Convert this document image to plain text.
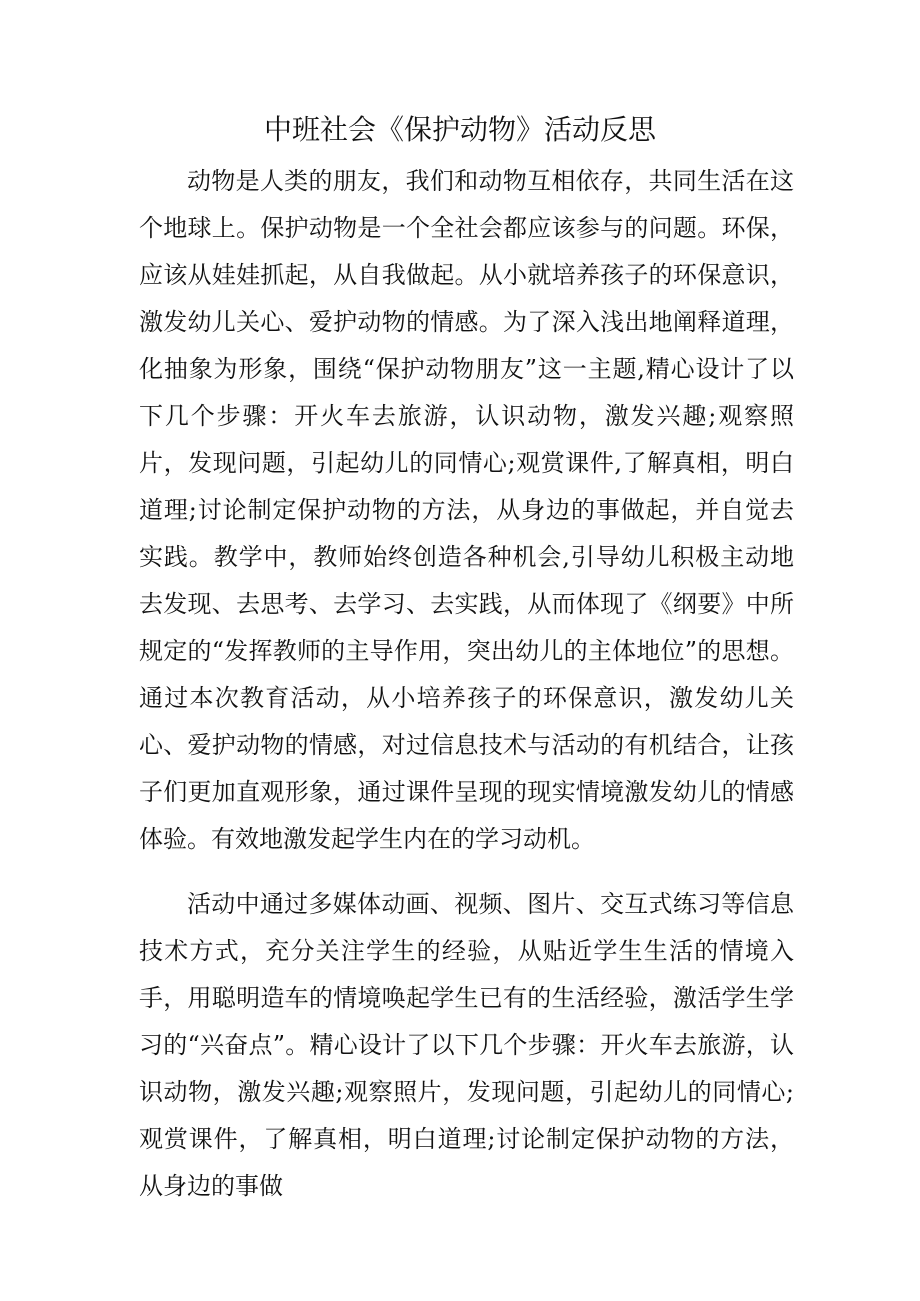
中班社会《保护动物》活动反思

动物是人类的朋友，我们和动物互相依存，共同生活在这个地球上。保护动物是一个全社会都应该参与的问题。环保，应该从娃娃抓起，从自我做起。从小就培养孩子的环保意识，激发幼儿关心、爱护动物的情感。为了深入浅出地阐释道理，化抽象为形象，围绕“保护动物朋友”这一主题,精心设计了以下几个步骤：开火车去旅游，认识动物，激发兴趣;观察照片，发现问题，引起幼儿的同情心;观赏课件,了解真相，明白道理;讨论制定保护动物的方法，从身边的事做起，并自觉去实践。教学中，教师始终创造各种机会,引导幼儿积极主动地去发现、去思考、去学习、去实践，从而体现了《纲要》中所规定的“发挥教师的主导作用，突出幼儿的主体地位”的思想。通过本次教育活动，从小培养孩子的环保意识，激发幼儿关心、爱护动物的情感，对过信息技术与活动的有机结合，让孩子们更加直观形象，通过课件呈现的现实情境激发幼儿的情感体验。有效地激发起学生内在的学习动机。

活动中通过多媒体动画、视频、图片、交互式练习等信息技术方式，充分关注学生的经验，从贴近学生生活的情境入手，用聪明造车的情境唤起学生已有的生活经验，激活学生学习的“兴奋点”。精心设计了以下几个步骤：开火车去旅游，认识动物，激发兴趣;观察照片，发现问题，引起幼儿的同情心;观赏课件，了解真相，明白道理;讨论制定保护动物的方法，从身边的事做
